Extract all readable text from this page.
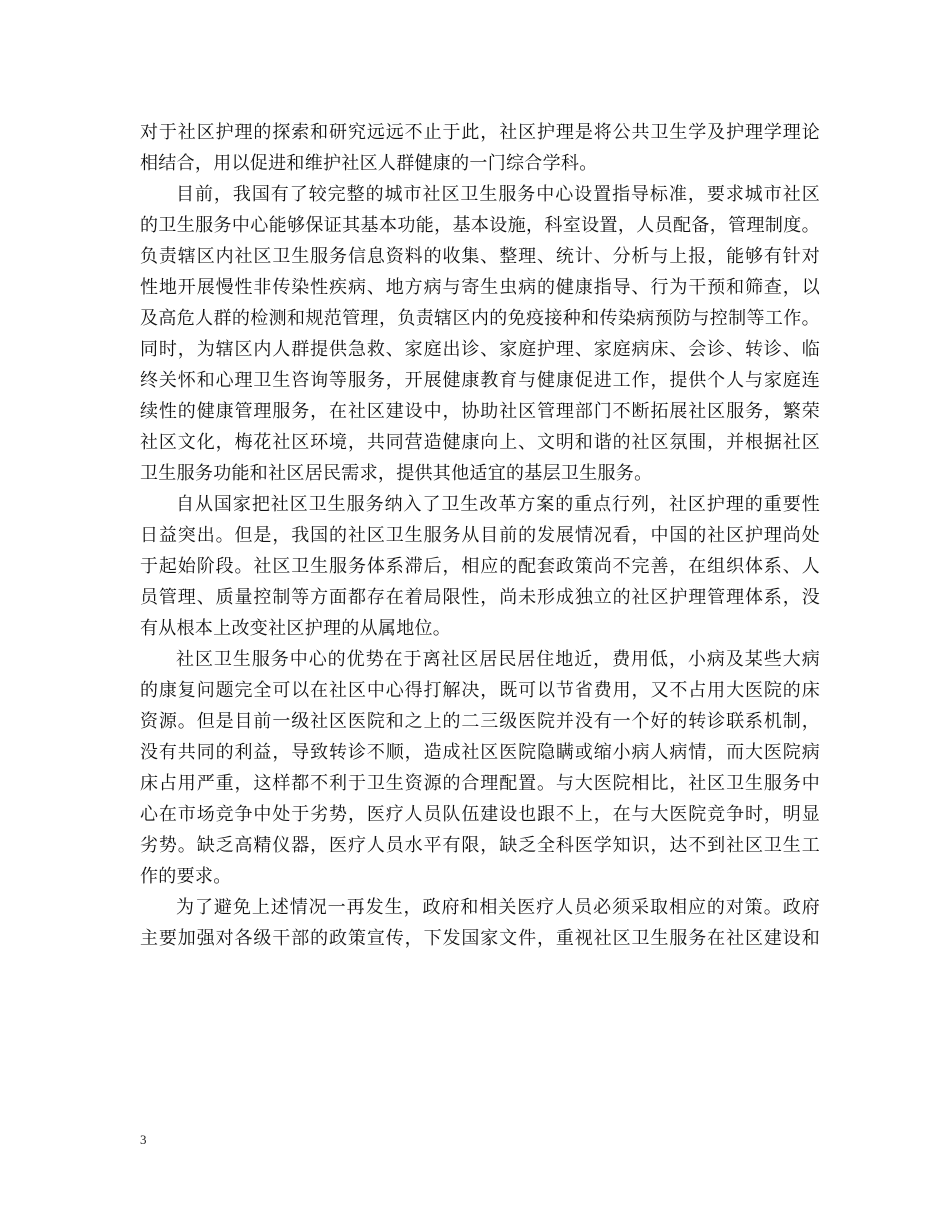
对于社区护理的探索和研究远远不止于此，社区护理是将公共卫生学及护理学理论
相结合，用以促进和维护社区人群健康的一门综合学科。

目前，我国有了较完整的城市社区卫生服务中心设置指导标准，要求城市社区
的卫生服务中心能够保证其基本功能，基本设施，科室设置，人员配备，管理制度。
负责辖区内社区卫生服务信息资料的收集、整理、统计、分析与上报，能够有针对
性地开展慢性非传染性疾病、地方病与寄生虫病的健康指导、行为干预和筛查，以
及高危人群的检测和规范管理，负责辖区内的免疫接种和传染病预防与控制等工作。
同时，为辖区内人群提供急救、家庭出诊、家庭护理、家庭病床、会诊、转诊、临
终关怀和心理卫生咨询等服务，开展健康教育与健康促进工作，提供个人与家庭连
续性的健康管理服务，在社区建设中，协助社区管理部门不断拓展社区服务，繁荣
社区文化，梅花社区环境，共同营造健康向上、文明和谐的社区氛围，并根据社区
卫生服务功能和社区居民需求，提供其他适宜的基层卫生服务。

自从国家把社区卫生服务纳入了卫生改革方案的重点行列，社区护理的重要性
日益突出。但是，我国的社区卫生服务从目前的发展情况看，中国的社区护理尚处
于起始阶段。社区卫生服务体系滞后，相应的配套政策尚不完善，在组织体系、人
员管理、质量控制等方面都存在着局限性，尚未形成独立的社区护理管理体系，没
有从根本上改变社区护理的从属地位。

社区卫生服务中心的优势在于离社区居民居住地近，费用低，小病及某些大病
的康复问题完全可以在社区中心得打解决，既可以节省费用，又不占用大医院的床
资源。但是目前一级社区医院和之上的二三级医院并没有一个好的转诊联系机制，
没有共同的利益，导致转诊不顺，造成社区医院隐瞒或缩小病人病情，而大医院病
床占用严重，这样都不利于卫生资源的合理配置。与大医院相比，社区卫生服务中
心在市场竞争中处于劣势，医疗人员队伍建设也跟不上，在与大医院竞争时，明显
劣势。缺乏高精仪器，医疗人员水平有限，缺乏全科医学知识，达不到社区卫生工
作的要求。

为了避免上述情况一再发生，政府和相关医疗人员必须采取相应的对策。政府
主要加强对各级干部的政策宣传，下发国家文件，重视社区卫生服务在社区建设和

3
